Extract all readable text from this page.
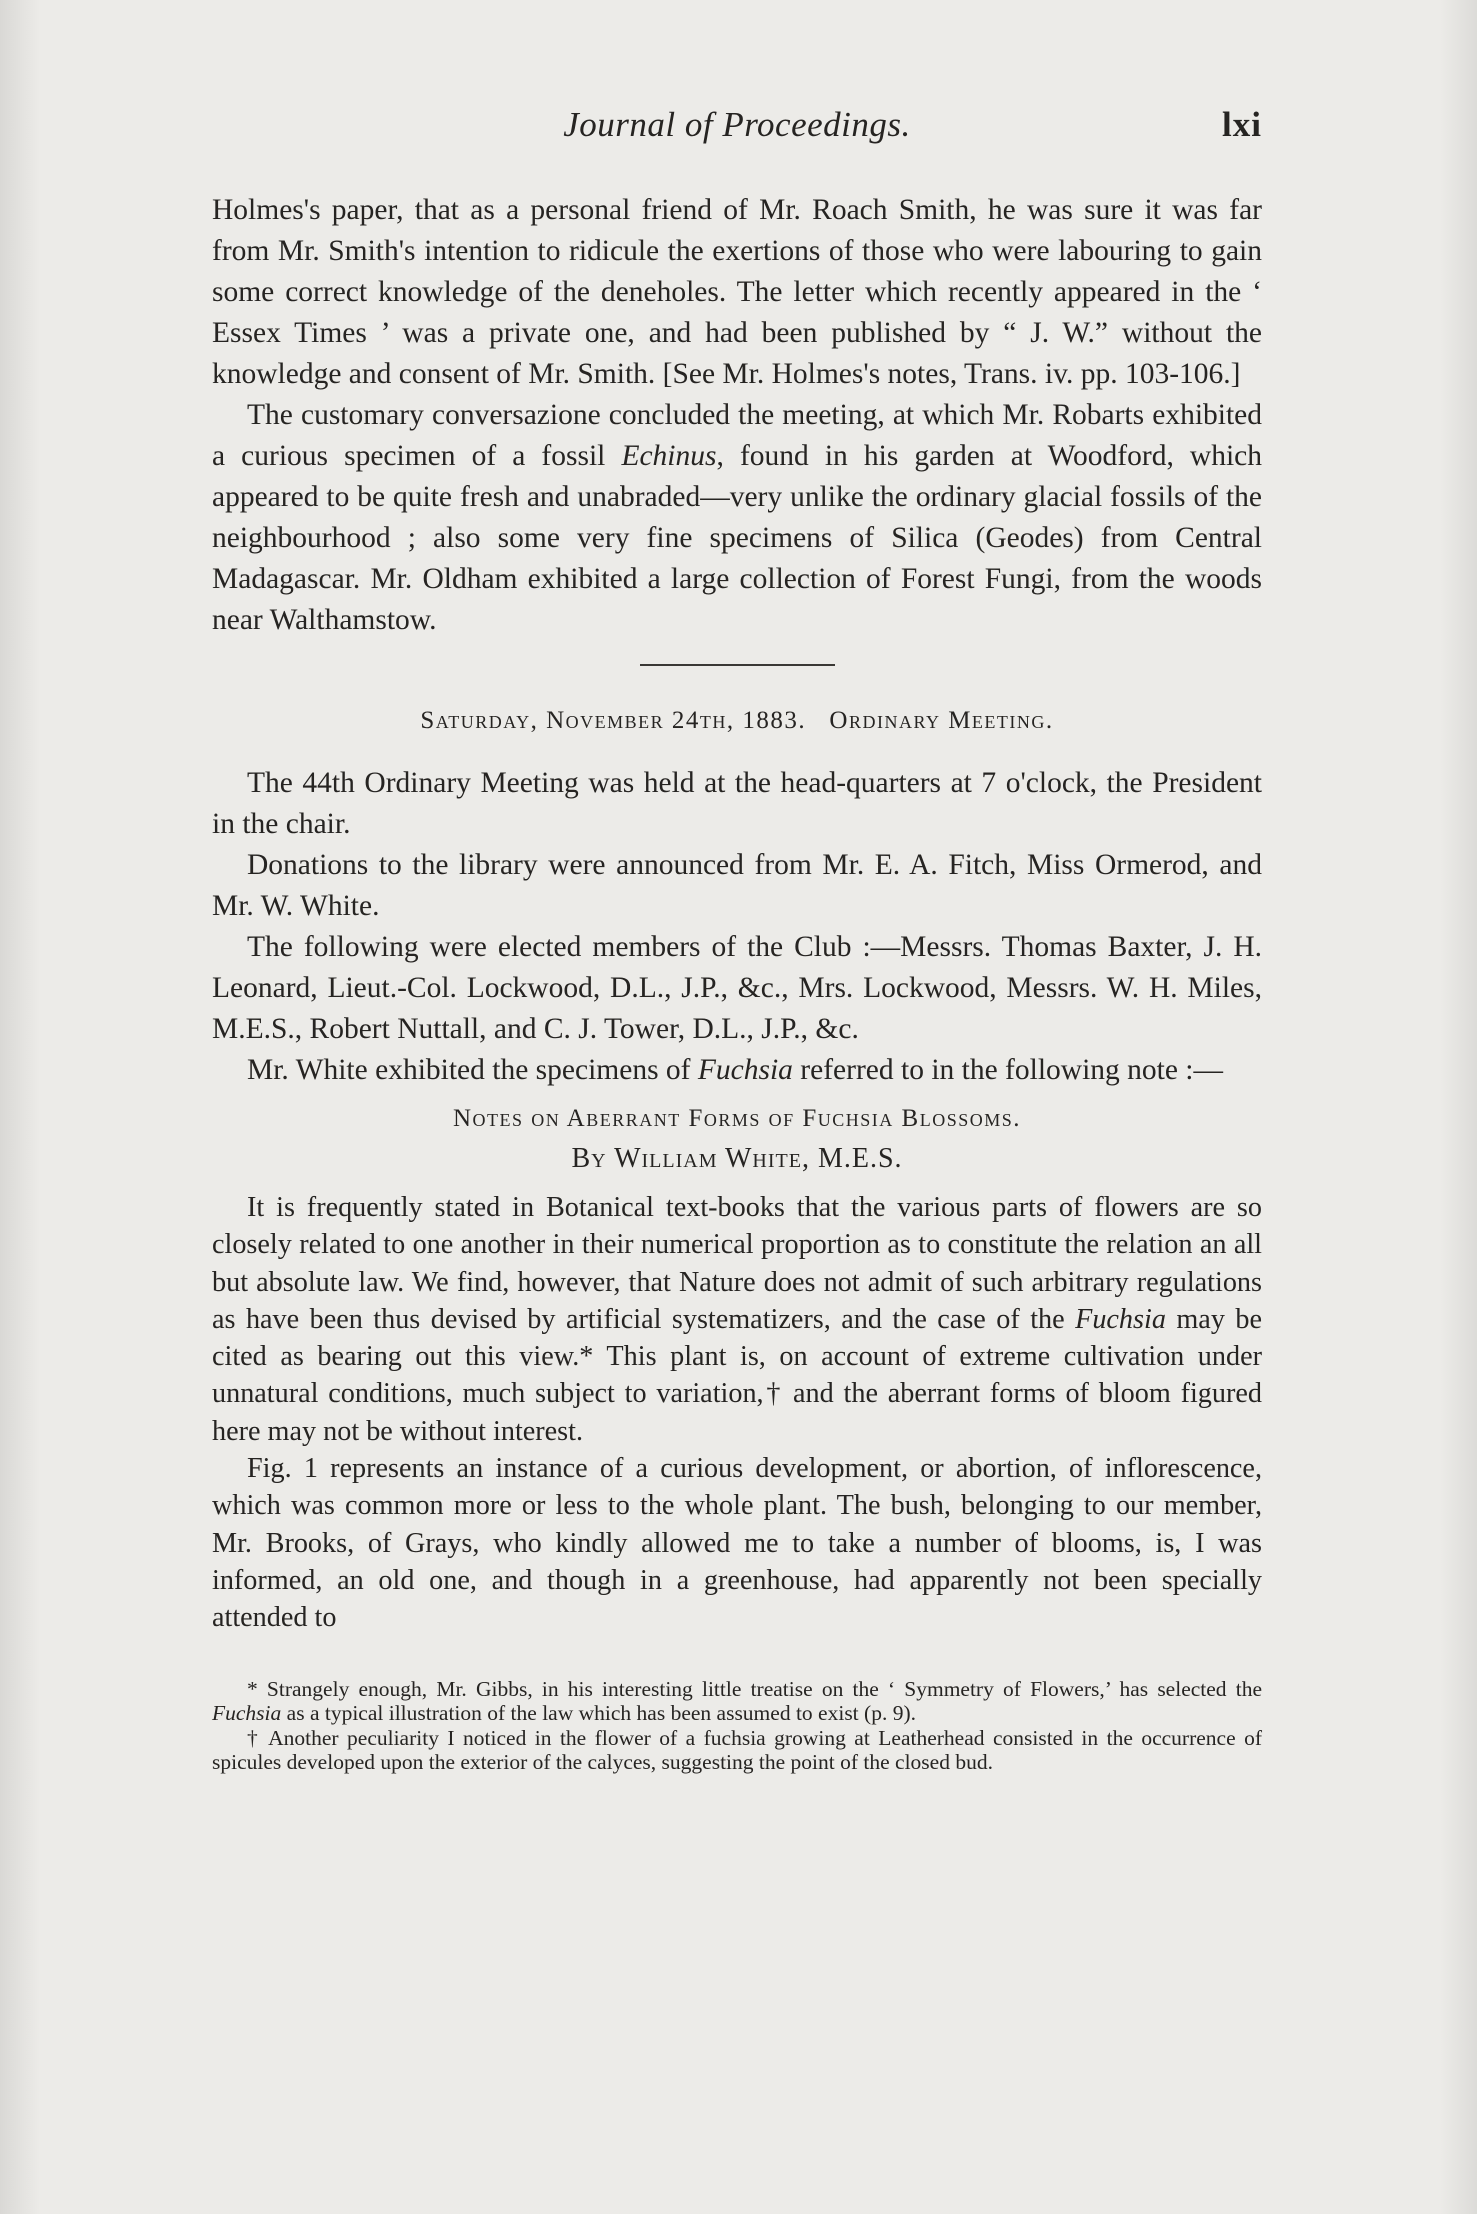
Journal of Proceedings.	lxi

Holmes's paper, that as a personal friend of Mr. Roach Smith, he was sure it was far from Mr. Smith's intention to ridicule the exertions of those who were labouring to gain some correct knowledge of the deneholes. The letter which recently appeared in the ‘ Essex Times ’ was a private one, and had been published by “ J. W.” without the knowledge and consent of Mr. Smith. [See Mr. Holmes's notes, Trans. iv. pp. 103-106.]

The customary conversazione concluded the meeting, at which Mr. Robarts exhibited a curious specimen of a fossil Echinus, found in his garden at Woodford, which appeared to be quite fresh and unabraded—very unlike the ordinary glacial fossils of the neighbourhood ; also some very fine specimens of Silica (Geodes) from Central Madagascar. Mr. Oldham exhibited a large collection of Forest Fungi, from the woods near Walthamstow.

Saturday, November 24th, 1883. Ordinary Meeting.

The 44th Ordinary Meeting was held at the head-quarters at 7 o'clock, the President in the chair.

Donations to the library were announced from Mr. E. A. Fitch, Miss Ormerod, and Mr. W. White.

The following were elected members of the Club :—Messrs. Thomas Baxter, J. H. Leonard, Lieut.-Col. Lockwood, D.L., J.P., &c., Mrs. Lockwood, Messrs. W. H. Miles, M.E.S., Robert Nuttall, and C. J. Tower, D.L., J.P., &c.

Mr. White exhibited the specimens of Fuchsia referred to in the following note :—

Notes on Aberrant Forms of Fuchsia Blossoms.
By William White, M.E.S.

It is frequently stated in Botanical text-books that the various parts of flowers are so closely related to one another in their numerical proportion as to constitute the relation an all but absolute law. We find, however, that Nature does not admit of such arbitrary regulations as have been thus devised by artificial systematizers, and the case of the Fuchsia may be cited as bearing out this view.* This plant is, on account of extreme cultivation under unnatural conditions, much subject to variation,† and the aberrant forms of bloom figured here may not be without interest.

Fig. 1 represents an instance of a curious development, or abortion, of inflorescence, which was common more or less to the whole plant. The bush, belonging to our member, Mr. Brooks, of Grays, who kindly allowed me to take a number of blooms, is, I was informed, an old one, and though in a greenhouse, had apparently not been specially attended to

* Strangely enough, Mr. Gibbs, in his interesting little treatise on the ‘ Symmetry of Flowers,’ has selected the Fuchsia as a typical illustration of the law which has been assumed to exist (p. 9).

† Another peculiarity I noticed in the flower of a fuchsia growing at Leatherhead consisted in the occurrence of spicules developed upon the exterior of the calyces, suggesting the point of the closed bud.
